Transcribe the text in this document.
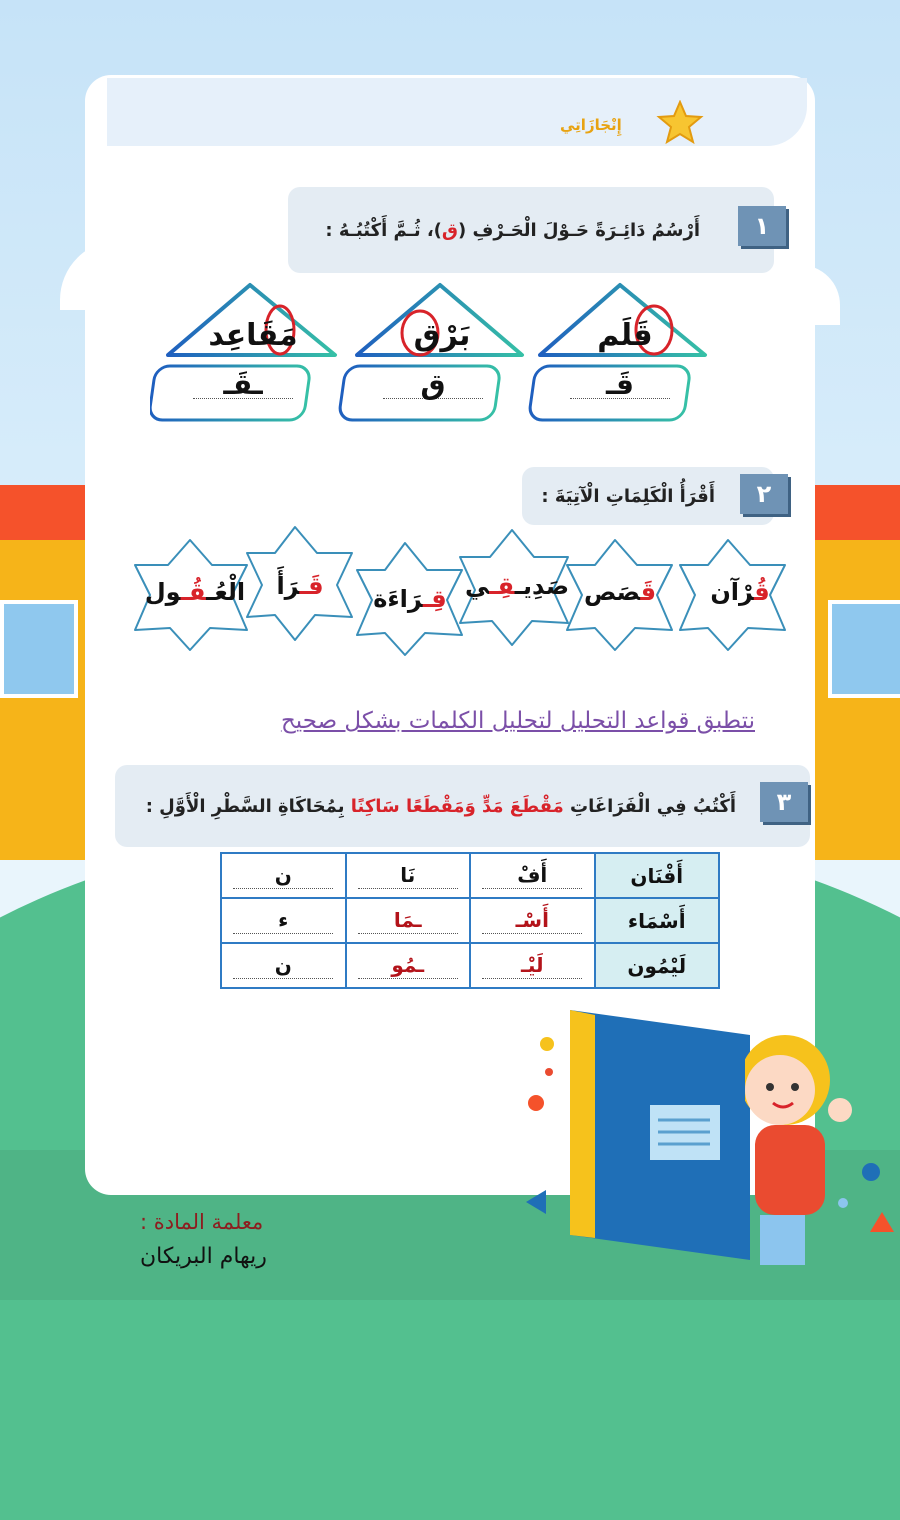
إِنْجَازَاتِي
أَرْسُمُ دَائِـرَةً حَـوْلَ الْحَـرْفِ (ق)، ثُـمَّ أَكْتُبُـهُ :	١
قَلَم
بَرْق
مَقَاعِد
قَـ
ق
ـقَـ
أَقْرَأُ الْكَلِمَاتِ الْآتِيَةَ :	٢
قُرْآن
قَصَص
صَدِيـقِـي
قِـرَاءَة
قَـرَأَ
الْعُـقُـول
نتطبق قواعد التحليل لتحليل الكلمات بشكل صحيح
أَكْتُبُ فِي الْفَرَاغَاتِ مَقْطَعَ مَدٍّ وَمَقْطَعًا سَاكِنًا بِمُحَاكَاةِ السَّطْرِ الْأَوَّلِ :	٣
أَفْنَان	أَفْ	نَا	ن
أَسْمَاء	أَسْـ	ـمَا	ء
لَيْمُون	لَيْـ	ـمُو	ن
معلمة المادة :
ريهام البريكان
